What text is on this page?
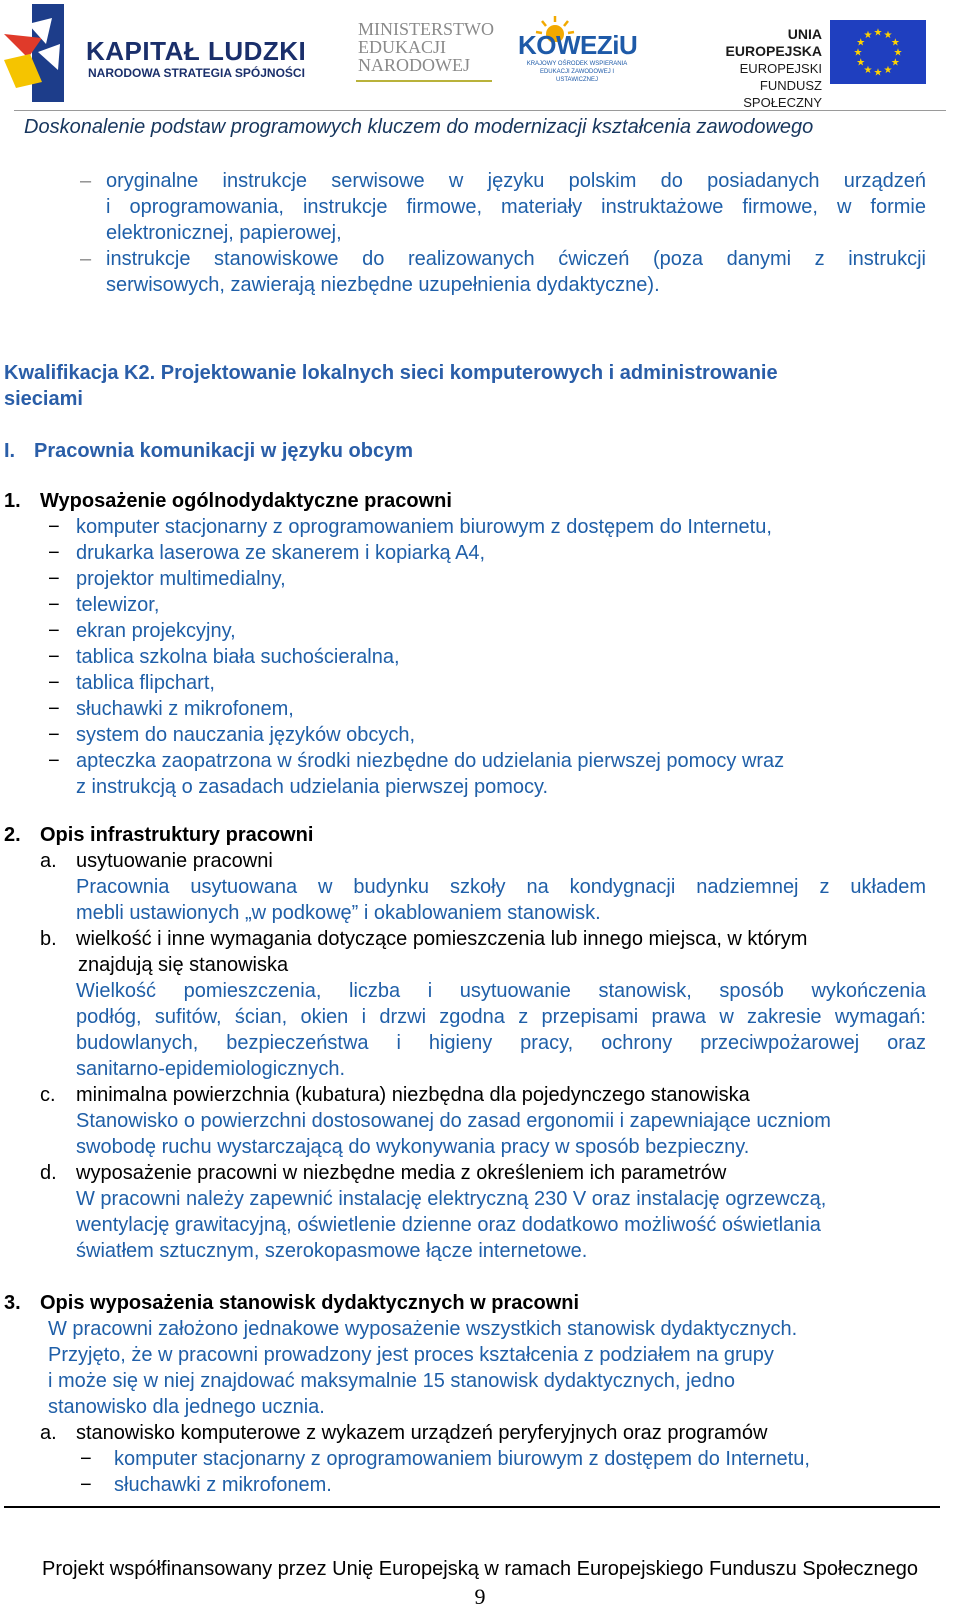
KAPITAŁ LUDZKI
NARODOWA STRATEGIA SPÓJNOŚCI
MINISTERSTWO
EDUKACJI
NARODOWEJ
KOWEZiU
KRAJOWY OŚRODEK WSPIERANIA
EDUKACJI ZAWODOWEJ I USTAWICZNEJ
UNIA EUROPEJSKA
EUROPEJSKI
FUNDUSZ SPOŁECZNY
★
★
★
★
★
★
★
★
★ ★ ★
★
Doskonalenie podstaw programowych kluczem do modernizacji kształcenia zawodowego
– oryginalne instrukcje serwisowe w języku polskim do posiadanych urządzeń
i oprogramowania, instrukcje firmowe, materiały instruktażowe firmowe, w formie
elektronicznej, papierowej,
– instrukcje stanowiskowe do realizowanych ćwiczeń (poza danymi z instrukcji
serwisowych, zawierają niezbędne uzupełnienia dydaktyczne).
Kwalifikacja K2. Projektowanie lokalnych sieci komputerowych i administrowanie
sieciami
I. Pracownia komunikacji w języku obcym
1. Wyposażenie ogólnodydaktyczne pracowni
− komputer stacjonarny z oprogramowaniem biurowym z dostępem do Internetu,
− drukarka laserowa ze skanerem i kopiarką A4,
− projektor multimedialny,
− telewizor,
− ekran projekcyjny,
− tablica szkolna biała suchościeralna,
− tablica flipchart,
− słuchawki z mikrofonem,
− system do nauczania języków obcych,
− apteczka zaopatrzona w środki niezbędne do udzielania pierwszej pomocy wraz
z instrukcją o zasadach udzielania pierwszej pomocy.
2. Opis infrastruktury pracowni
a. usytuowanie pracowni
Pracownia usytuowana w budynku szkoły na kondygnacji nadziemnej z układem
mebli ustawionych „w podkowę” i okablowaniem stanowisk.
b. wielkość i inne wymagania dotyczące pomieszczenia lub innego miejsca, w którym
znajdują się stanowiska
Wielkość pomieszczenia, liczba i usytuowanie stanowisk, sposób wykończenia
podłóg, sufitów, ścian, okien i drzwi zgodna z przepisami prawa w zakresie wymagań:
budowlanych, bezpieczeństwa i higieny pracy, ochrony przeciwpożarowej oraz
sanitarno-epidemiologicznych.
c. minimalna powierzchnia (kubatura) niezbędna dla pojedynczego stanowiska
Stanowisko o powierzchni dostosowanej do zasad ergonomii i zapewniające uczniom
swobodę ruchu wystarczającą do wykonywania pracy w sposób bezpieczny.
d. wyposażenie pracowni w niezbędne media z określeniem ich parametrów
W pracowni należy zapewnić instalację elektryczną 230 V oraz instalację ogrzewczą,
wentylację grawitacyjną, oświetlenie dzienne oraz dodatkowo możliwość oświetlania
światłem sztucznym, szerokopasmowe łącze internetowe.
3. Opis wyposażenia stanowisk dydaktycznych w pracowni
W pracowni założono jednakowe wyposażenie wszystkich stanowisk dydaktycznych.
Przyjęto, że w pracowni prowadzony jest proces kształcenia z podziałem na grupy
i może się w niej znajdować maksymalnie 15 stanowisk dydaktycznych, jedno
stanowisko dla jednego ucznia.
a. stanowisko komputerowe z wykazem urządzeń peryferyjnych oraz programów
− komputer stacjonarny z oprogramowaniem biurowym z dostępem do Internetu,
− słuchawki z mikrofonem.
Projekt współfinansowany przez Unię Europejską w ramach Europejskiego Funduszu Społecznego
9
